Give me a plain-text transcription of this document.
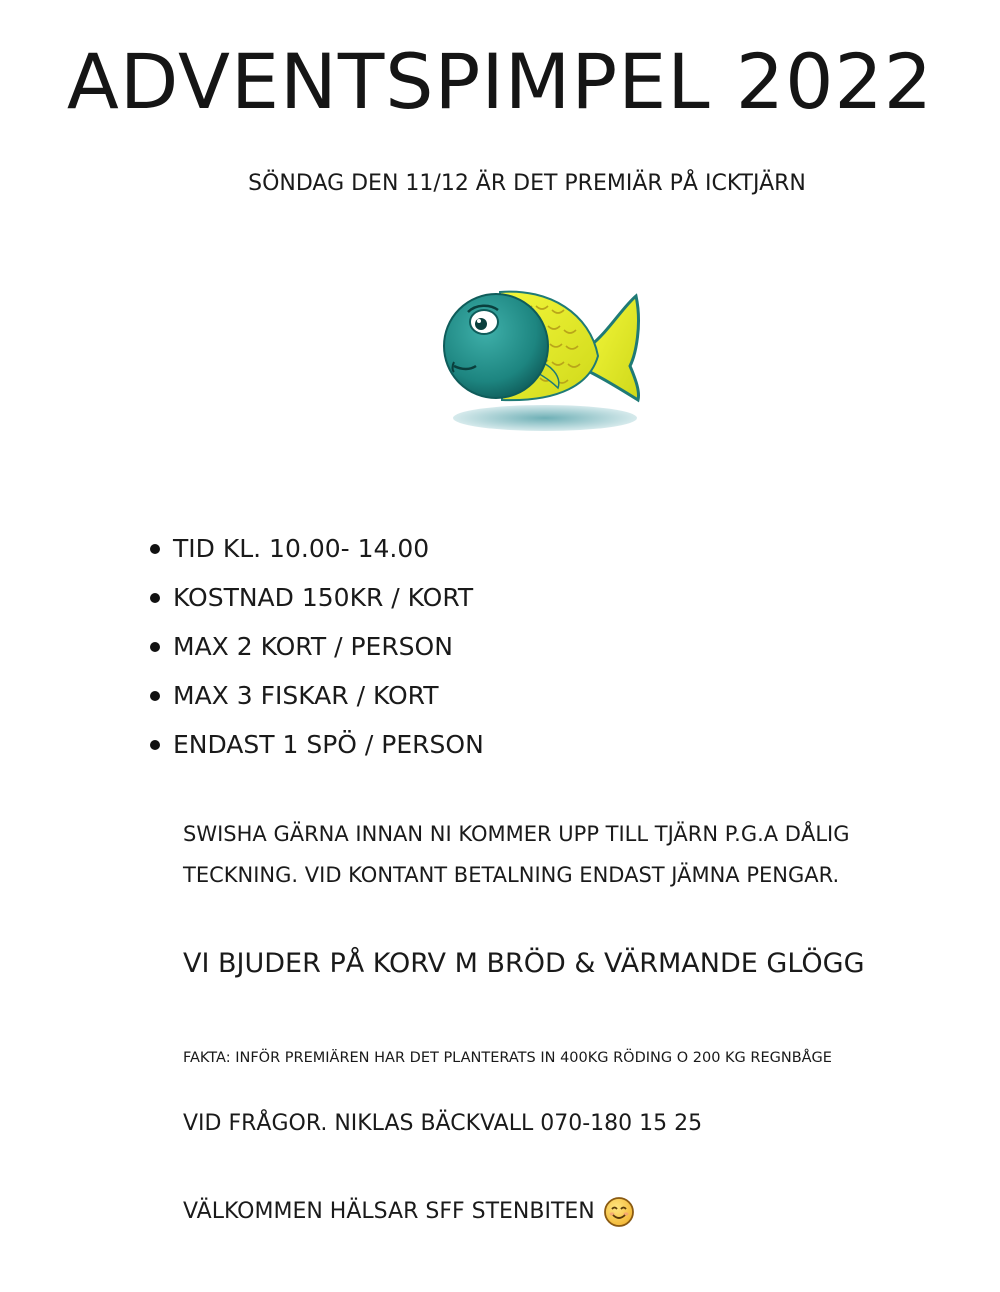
ADVENTSPIMPEL 2022
SÖNDAG DEN 11/12 ÄR DET PREMIÄR PÅ ICKTJÄRN
TID KL. 10.00- 14.00
KOSTNAD 150KR / KORT
MAX 2 KORT / PERSON
MAX 3 FISKAR / KORT
ENDAST 1 SPÖ / PERSON
SWISHA GÄRNA INNAN NI KOMMER UPP TILL TJÄRN P.G.A DÅLIG
TECKNING. VID KONTANT BETALNING ENDAST JÄMNA PENGAR.
VI BJUDER PÅ KORV M BRÖD & VÄRMANDE GLÖGG
FAKTA: INFÖR PREMIÄREN HAR DET PLANTERATS IN 400KG RÖDING O 200 KG REGNBÅGE
VID FRÅGOR. NIKLAS BÄCKVALL 070-180 15 25
VÄLKOMMEN HÄLSAR SFF STENBITEN
